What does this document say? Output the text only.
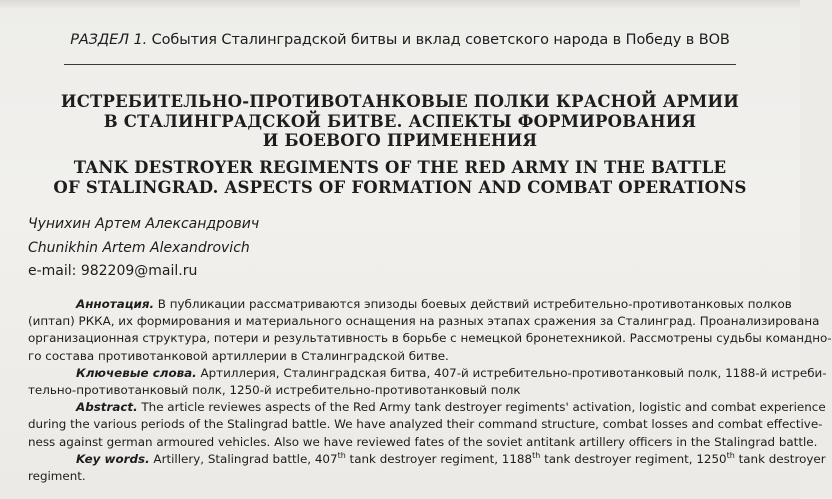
РАЗДЕЛ 1. События Сталинградской битвы и вклад советского народа в Победу в ВОВ
ИСТРЕБИТЕЛЬНО-ПРОТИВОТАНКОВЫЕ ПОЛКИ КРАСНОЙ АРМИИ
В СТАЛИНГРАДСКОЙ БИТВЕ. АСПЕКТЫ ФОРМИРОВАНИЯ
И БОЕВОГО ПРИМЕНЕНИЯ
TANK DESTROYER REGIMENTS OF THE RED ARMY IN THE BATTLE
OF STALINGRAD. ASPECTS OF FORMATION AND COMBAT OPERATIONS
Чунихин Артем Александрович
Chunikhin Artem Alexandrovich
e-mail: 982209@mail.ru
Аннотация. В публикации рассматриваются эпизоды боевых действий истребительно-противотанковых полков
(иптап) РККА, их формирования и материального оснащения на разных этапах сражения за Сталинград. Проанализирована
организационная структура, потери и результативность в борьбе с немецкой бронетехникой. Рассмотрены судьбы командно-
го состава противотанковой артиллерии в Сталинградской битве.
Ключевые слова. Артиллерия, Сталинградская битва, 407-й истребительно-противотанковый полк, 1188-й истреби-
тельно-противотанковый полк, 1250-й истребительно-противотанковый полк
Abstract. The article reviewes aspects of the Red Army tank destroyer regiments' activation, logistic and combat experience
during the various periods of the Stalingrad battle. We have analyzed their command structure, combat losses and combat effective-
ness against german armoured vehicles. Also we have reviewed fates of the soviet antitank artillery officers in the Stalingrad battle.
Key words. Artillery, Stalingrad battle, 407th tank destroyer regiment, 1188th tank destroyer regiment, 1250th tank destroyer
regiment.
